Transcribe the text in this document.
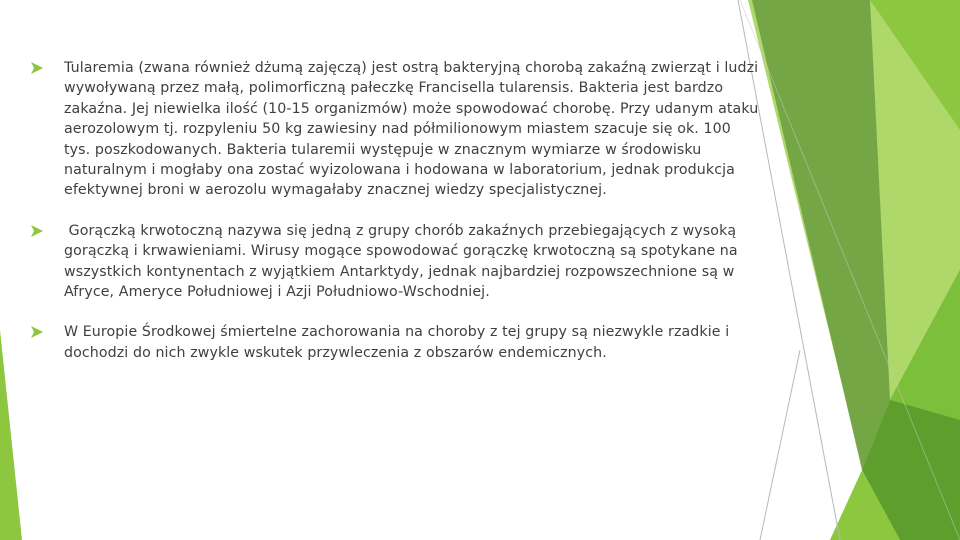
Tularemia (zwana również dżumą zajęczą) jest ostrą bakteryjną chorobą zakaźną zwierząt i ludzi wywoływaną przez małą, polimorficzną pałeczkę Francisella tularensis. Bakteria jest bardzo zakaźna. Jej niewielka ilość (10-15 organizmów) może spowodować chorobę. Przy udanym ataku aerozolowym tj. rozpyleniu 50 kg zawiesiny nad półmilionowym miastem szacuje się ok. 100 tys. poszkodowanych. Bakteria tularemii występuje w znacznym wymiarze w środowisku naturalnym i mogłaby ona zostać wyizolowana i hodowana w laboratorium, jednak produkcja efektywnej broni w aerozolu wymagałaby znacznej wiedzy specjalistycznej.
Gorączką krwotoczną nazywa się jedną z grupy chorób zakaźnych przebiegających z wysoką gorączką i krwawieniami. Wirusy mogące spowodować gorączkę krwotoczną są spotykane na wszystkich kontynentach z wyjątkiem Antarktydy, jednak najbardziej rozpowszechnione są w Afryce, Ameryce Południowej i Azji Południowo-Wschodniej.
W Europie Środkowej śmiertelne zachorowania na choroby z tej grupy są niezwykle rzadkie i dochodzi do nich zwykle wskutek przywleczenia z obszarów endemicznych.
